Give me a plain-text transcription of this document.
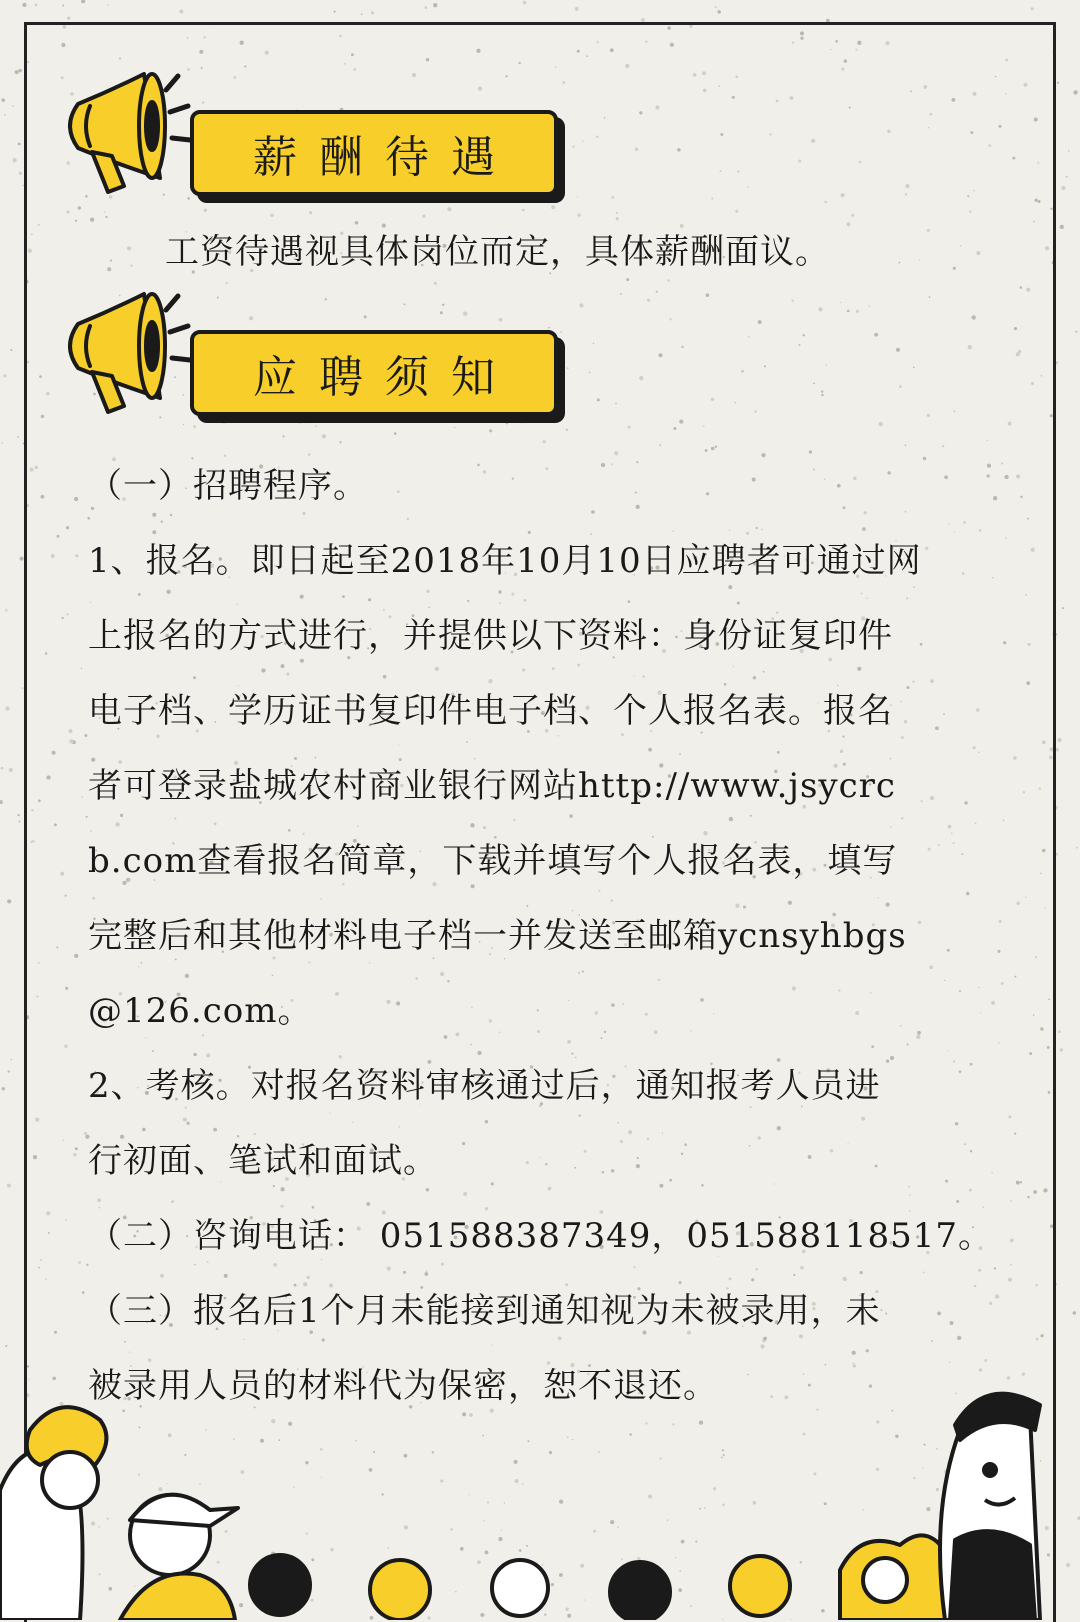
薪酬待遇
工资待遇视具体岗位而定，具体薪酬面议。
应聘须知
（一）招聘程序。
1、报名。即日起至2018年10月10日应聘者可通过网
上报名的方式进行，并提供以下资料：身份证复印件
电子档、学历证书复印件电子档、个人报名表。报名
者可登录盐城农村商业银行网站http://www.jsycrc
b.com查看报名简章，下载并填写个人报名表，填写
完整后和其他材料电子档一并发送至邮箱ycnsyhbgs
@126.com。
2、考核。对报名资料审核通过后，通知报考人员进
行初面、笔试和面试。
（二）咨询电话： 051588387349，051588118517。
（三）报名后1个月未能接到通知视为未被录用，未
被录用人员的材料代为保密，恕不退还。
